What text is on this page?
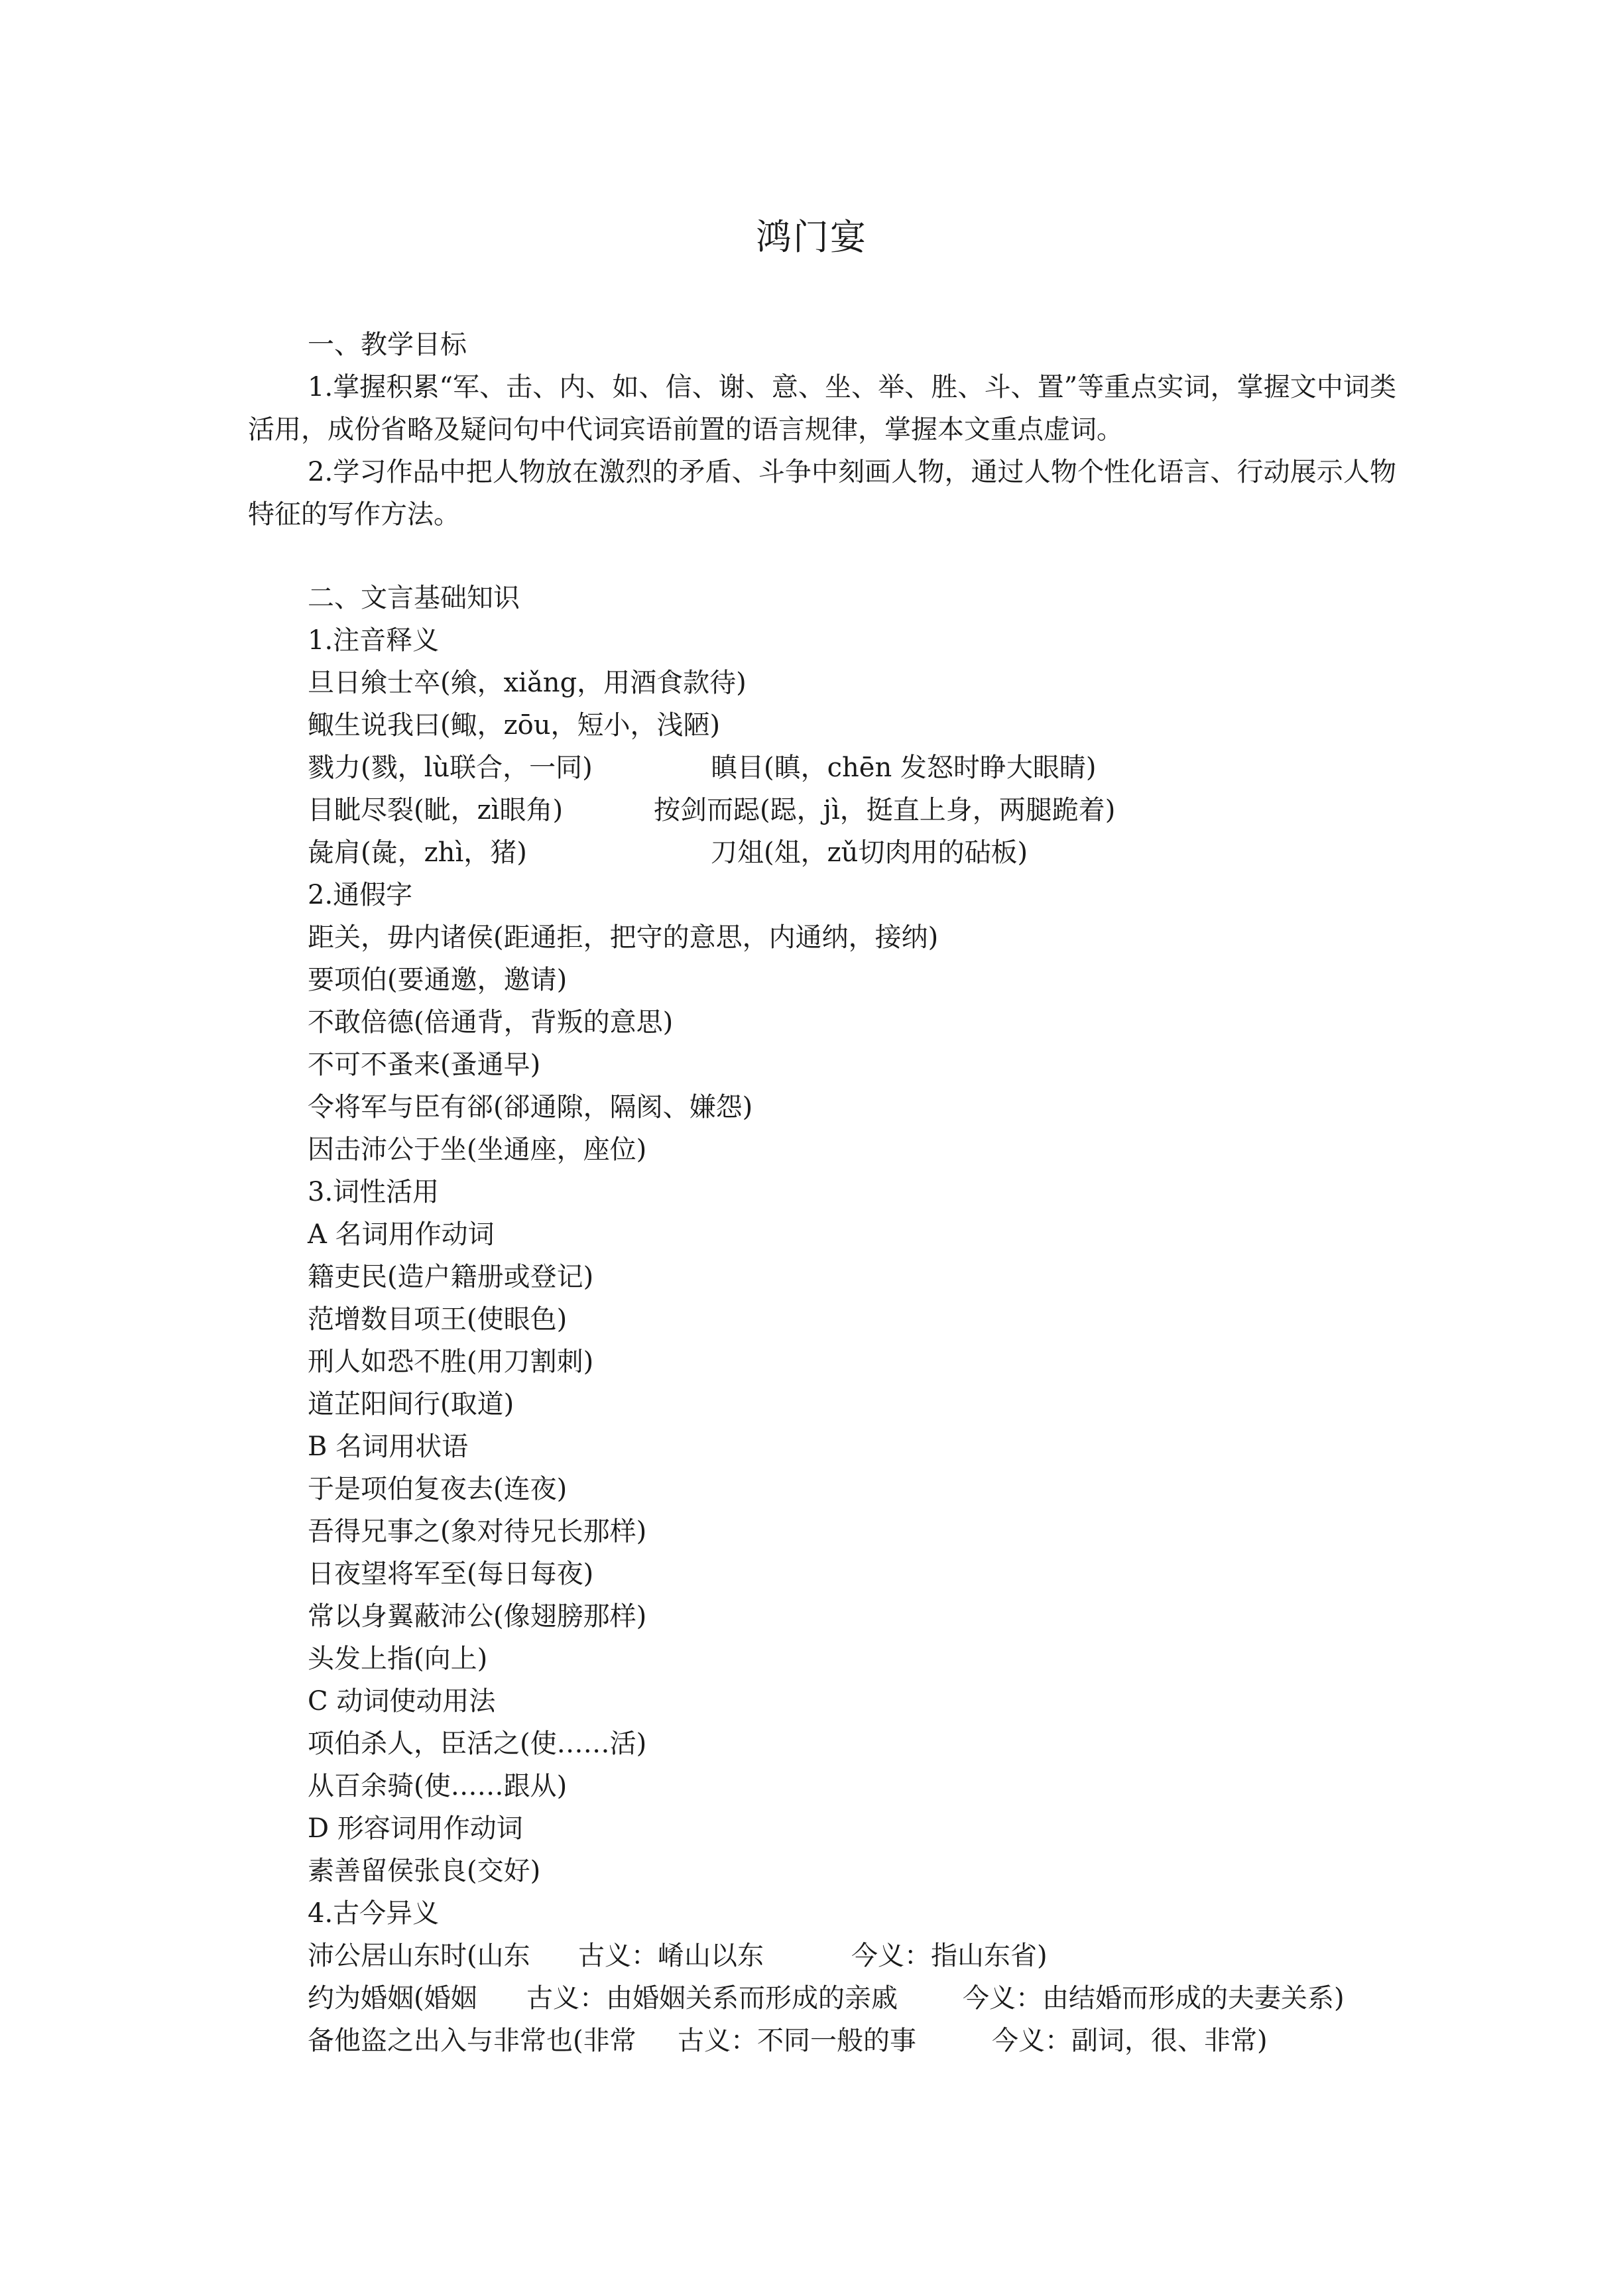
鸿门宴
一、教学目标
1.掌握积累“军、击、内、如、信、谢、意、坐、举、胜、斗、置”等重点实词，掌握文中词类活用，成份省略及疑问句中代词宾语前置的语言规律，掌握本文重点虚词。
2.学习作品中把人物放在激烈的矛盾、斗争中刻画人物，通过人物个性化语言、行动展示人物特征的写作方法。
二、文言基础知识
1.注音释义
旦日飨士卒(飨，xiǎng，用酒食款待)
鲰生说我曰(鲰，zōu，短小，浅陋)
戮力(戮，lù联合，一同)	瞋目(瞋，chēn 发怒时睁大眼睛)
目眦尽裂(眦，zì眼角)	按剑而跽(跽，jì，挺直上身，两腿跪着)
彘肩(彘，zhì，猪)	刀俎(俎，zǔ切肉用的砧板)
2.通假字
距关，毋内诸侯(距通拒，把守的意思，内通纳，接纳)
要项伯(要通邀，邀请)
不敢倍德(倍通背，背叛的意思)
不可不蚤来(蚤通早)
令将军与臣有郤(郤通隙，隔阂、嫌怨)
因击沛公于坐(坐通座，座位)
3.词性活用
A 名词用作动词
籍吏民(造户籍册或登记)
范增数目项王(使眼色)
刑人如恐不胜(用刀割刺)
道芷阳间行(取道)
B 名词用状语
于是项伯复夜去(连夜)
吾得兄事之(象对待兄长那样)
日夜望将军至(每日每夜)
常以身翼蔽沛公(像翅膀那样)
头发上指(向上)
C 动词使动用法
项伯杀人，臣活之(使……活)
从百余骑(使……跟从)
D 形容词用作动词
素善留侯张良(交好)
4.古今异义
沛公居山东时(山东 古义：崤山以东	今义：指山东省)
约为婚姻(婚姻 古义：由婚姻关系而形成的亲戚 今义：由结婚而形成的夫妻关系)
备他盗之出入与非常也(非常 古义：不同一般的事	今义：副词，很、非常)
